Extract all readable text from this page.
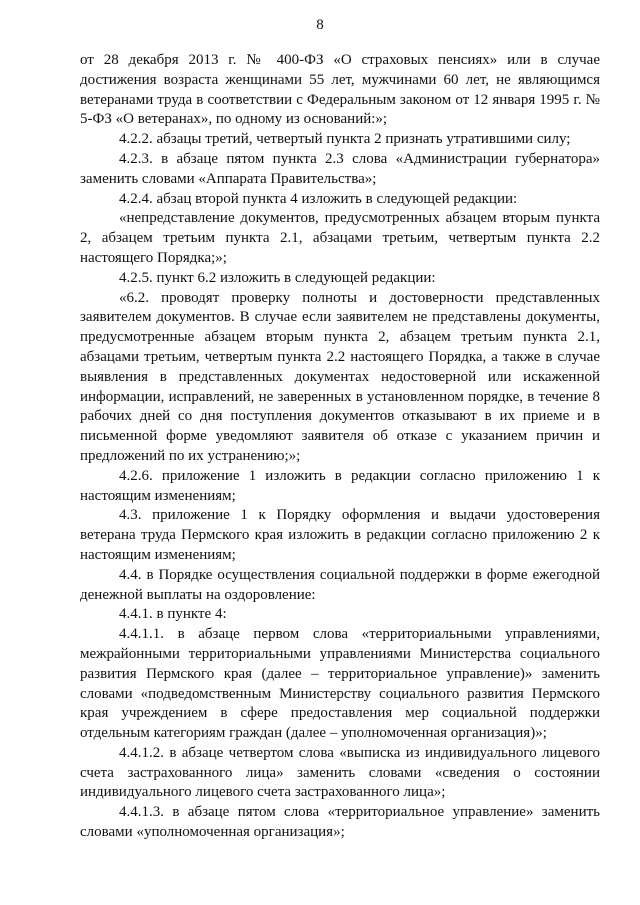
8

от 28 декабря 2013 г. № 400-ФЗ «О страховых пенсиях» или в случае достижения возраста женщинами 55 лет, мужчинами 60 лет, не являющимся ветеранами труда в соответствии с Федеральным законом от 12 января 1995 г. № 5-ФЗ «О ветеранах», по одному из оснований:»;

4.2.2. абзацы третий, четвертый пункта 2 признать утратившими силу;

4.2.3. в абзаце пятом пункта 2.3 слова «Администрации губернатора» заменить словами «Аппарата Правительства»;

4.2.4. абзац второй пункта 4 изложить в следующей редакции:

«непредставление документов, предусмотренных абзацем вторым пункта 2, абзацем третьим пункта 2.1, абзацами третьим, четвертым пункта 2.2 настоящего Порядка;»;

4.2.5. пункт 6.2 изложить в следующей редакции:

«6.2. проводят проверку полноты и достоверности представленных заявителем документов. В случае если заявителем не представлены документы, предусмотренные абзацем вторым пункта 2, абзацем третьим пункта 2.1, абзацами третьим, четвертым пункта 2.2 настоящего Порядка, а также в случае выявления в представленных документах недостоверной или искаженной информации, исправлений, не заверенных в установленном порядке, в течение 8 рабочих дней со дня поступления документов отказывают в их приеме и в письменной форме уведомляют заявителя об отказе с указанием причин и предложений по их устранению;»;

4.2.6. приложение 1 изложить в редакции согласно приложению 1 к настоящим изменениям;

4.3. приложение 1 к Порядку оформления и выдачи удостоверения ветерана труда Пермского края изложить в редакции согласно приложению 2 к настоящим изменениям;

4.4. в Порядке осуществления социальной поддержки в форме ежегодной денежной выплаты на оздоровление:

4.4.1. в пункте 4:

4.4.1.1. в абзаце первом слова «территориальными управлениями, межрайонными территориальными управлениями Министерства социального развития Пермского края (далее – территориальное управление)» заменить словами «подведомственным Министерству социального развития Пермского края учреждением в сфере предоставления мер социальной поддержки отдельным категориям граждан (далее – уполномоченная организация)»;

4.4.1.2. в абзаце четвертом слова «выписка из индивидуального лицевого счета застрахованного лица» заменить словами «сведения о состоянии индивидуального лицевого счета застрахованного лица»;

4.4.1.3. в абзаце пятом слова «территориальное управление» заменить словами «уполномоченная организация»;
